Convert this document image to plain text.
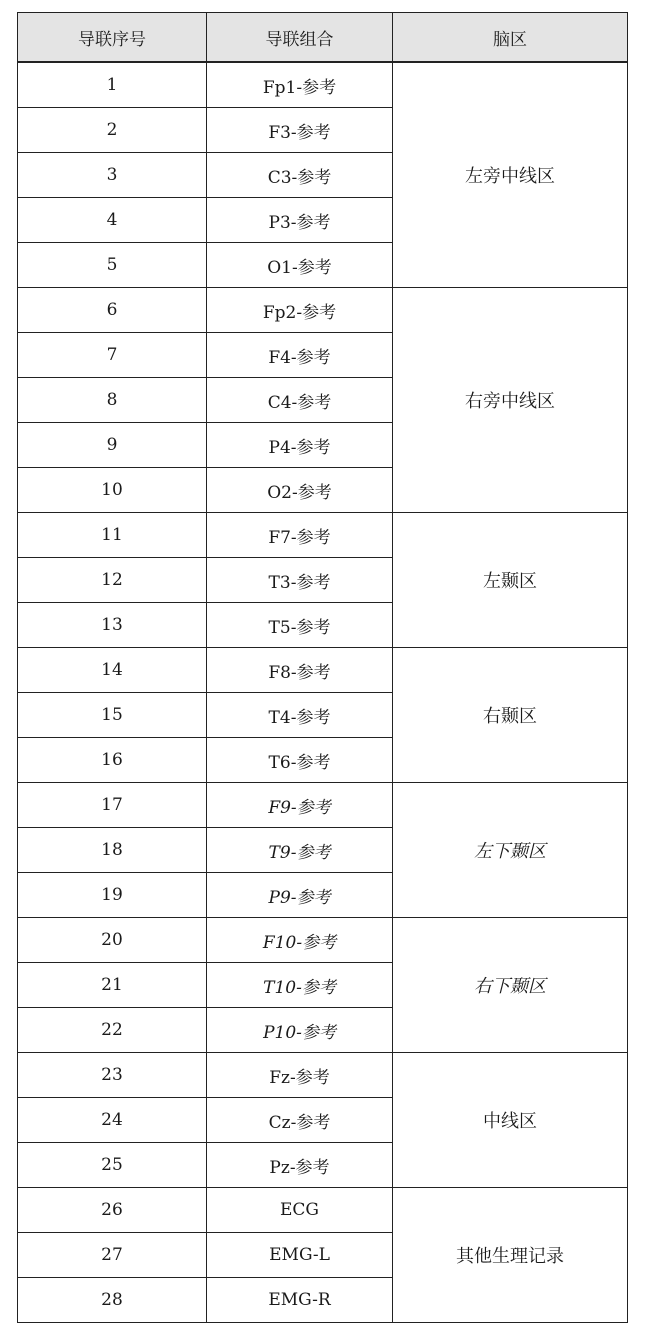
导联序号	导联组合	脑区
1	Fp1-参考	左旁中线区
2	F3-参考	
3	C3-参考	
4	P3-参考	
5	O1-参考	
6	Fp2-参考	右旁中线区
7	F4-参考	
8	C4-参考	
9	P4-参考	
10	O2-参考	
11	F7-参考	左颞区
12	T3-参考	
13	T5-参考	
14	F8-参考	右颞区
15	T4-参考	
16	T6-参考	
17	F9-参考	左下颞区
18	T9-参考	
19	P9-参考	
20	F10-参考	右下颞区
21	T10-参考	
22	P10-参考	
23	Fz-参考	中线区
24	Cz-参考	
25	Pz-参考	
26	ECG	其他生理记录
27	EMG-L	
28	EMG-R	
